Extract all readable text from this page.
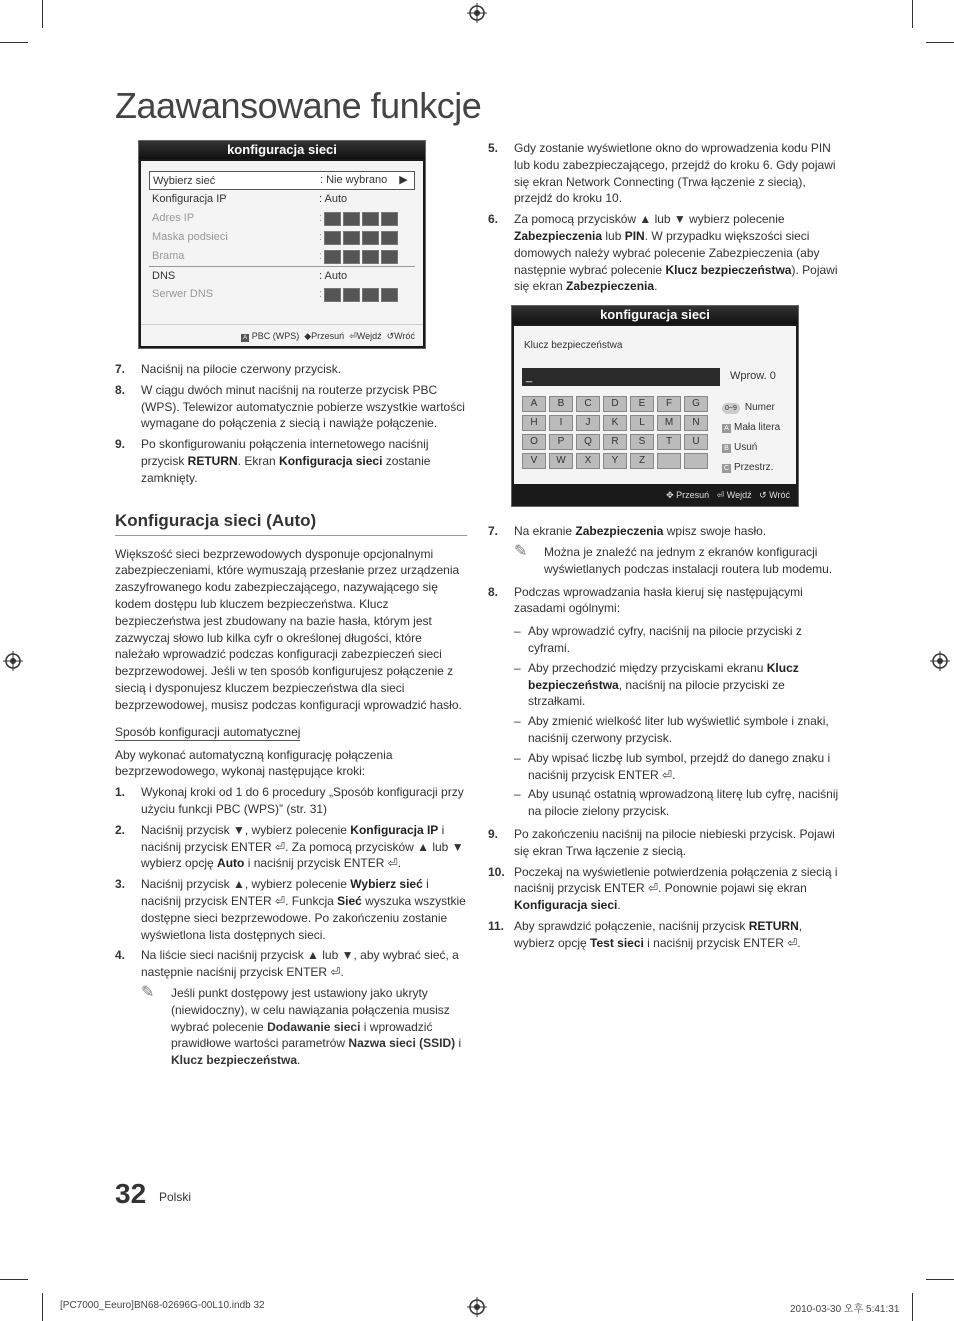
Zaawansowane funkcje
konfiguracja sieci
Wybierz sieć	: Nie wybrano ▶
Konfiguracja IP	: Auto
Adres IP	:
Maska podsieci	:
Brama	:
DNS	: Auto
Serwer DNS	:
A PBC (WPS)  ◆Przesuń  ⏎Wejdź  ↺Wróć
7. Naciśnij na pilocie czerwony przycisk.
8. W ciągu dwóch minut naciśnij na routerze przycisk PBC (WPS). Telewizor automatycznie pobierze wszystkie wartości wymagane do połączenia z siecią i nawiąże połączenie.
9. Po skonfigurowaniu połączenia internetowego naciśnij przycisk RETURN. Ekran Konfiguracja sieci zostanie zamknięty.
Konfiguracja sieci (Auto)

Większość sieci bezprzewodowych dysponuje opcjonalnymi zabezpieczeniami, które wymuszają przesłanie przez urządzenia zaszyfrowanego kodu zabezpieczającego, nazywającego się kodem dostępu lub kluczem bezpieczeństwa. Klucz bezpieczeństwa jest zbudowany na bazie hasła, którym jest zazwyczaj słowo lub kilka cyfr o określonej długości, które należało wprowadzić podczas konfiguracji zabezpieczeń sieci bezprzewodowej. Jeśli w ten sposób konfigurujesz połączenie z siecią i dysponujesz kluczem bezpieczeństwa dla sieci bezprzewodowej, musisz podczas konfiguracji wprowadzić hasło.

Sposób konfiguracji automatycznej

Aby wykonać automatyczną konfigurację połączenia bezprzewodowego, wykonaj następujące kroki:

1. Wykonaj kroki od 1 do 6 procedury „Sposób konfiguracji przy użyciu funkcji PBC (WPS)” (str. 31)
2. Naciśnij przycisk ▼, wybierz polecenie Konfiguracja IP i naciśnij przycisk ENTER ⏎. Za pomocą przycisków ▲ lub ▼ wybierz opcję Auto i naciśnij przycisk ENTER ⏎.
3. Naciśnij przycisk ▲, wybierz polecenie Wybierz sieć i naciśnij przycisk ENTER ⏎. Funkcja Sieć wyszuka wszystkie dostępne sieci bezprzewodowe. Po zakończeniu zostanie wyświetlona lista dostępnych sieci.
4. Na liście sieci naciśnij przycisk ▲ lub ▼, aby wybrać sieć, a następnie naciśnij przycisk ENTER ⏎.
✎ Jeśli punkt dostępowy jest ustawiony jako ukryty (niewidoczny), w celu nawiązania połączenia musisz wybrać polecenie Dodawanie sieci i wprowadzić prawidłowe wartości parametrów Nazwa sieci (SSID) i Klucz bezpieczeństwa.
5. Gdy zostanie wyświetlone okno do wprowadzenia kodu PIN lub kodu zabezpieczającego, przejdź do kroku 6. Gdy pojawi się ekran Network Connecting (Trwa łączenie z siecią), przejdź do kroku 10.
6. Za pomocą przycisków ▲ lub ▼ wybierz polecenie Zabezpieczenia lub PIN. W przypadku większości sieci domowych należy wybrać polecenie Zabezpieczenia (aby następnie wybrać polecenie Klucz bezpieczeństwa). Pojawi się ekran Zabezpieczenia.
konfiguracja sieci
Klucz bezpieczeństwa
_	Wprow. 0
A	B	C	D	E	F	G
H	I	J	K	L	M	N
O	P	Q	R	S	T	U
V	W	X	Y	Z
0~9 Numer
A Mała litera
B Usuń
C Przestrz.
✥ Przesuń   ⏎ Wejdź   ↺ Wróć
7. Na ekranie Zabezpieczenia wpisz swoje hasło.
✎ Można je znaleźć na jednym z ekranów konfiguracji wyświetlanych podczas instalacji routera lub modemu.
8. Podczas wprowadzania hasła kieruj się następującymi zasadami ogólnymi:
– Aby wprowadzić cyfry, naciśnij na pilocie przyciski z cyframi.
– Aby przechodzić między przyciskami ekranu Klucz bezpieczeństwa, naciśnij na pilocie przyciski ze strzałkami.
– Aby zmienić wielkość liter lub wyświetlić symbole i znaki, naciśnij czerwony przycisk.
– Aby wpisać liczbę lub symbol, przejdź do danego znaku i naciśnij przycisk ENTER ⏎.
– Aby usunąć ostatnią wprowadzoną literę lub cyfrę, naciśnij na pilocie zielony przycisk.
9. Po zakończeniu naciśnij na pilocie niebieski przycisk. Pojawi się ekran Trwa łączenie z siecią.
10. Poczekaj na wyświetlenie potwierdzenia połączenia z siecią i naciśnij przycisk ENTER ⏎. Ponownie pojawi się ekran Konfiguracja sieci.
11. Aby sprawdzić połączenie, naciśnij przycisk RETURN, wybierz opcję Test sieci i naciśnij przycisk ENTER ⏎.
32 Polski
[PC7000_Eeuro]BN68-02696G-00L10.indb 32	2010-03-30 오후 5:41:31
